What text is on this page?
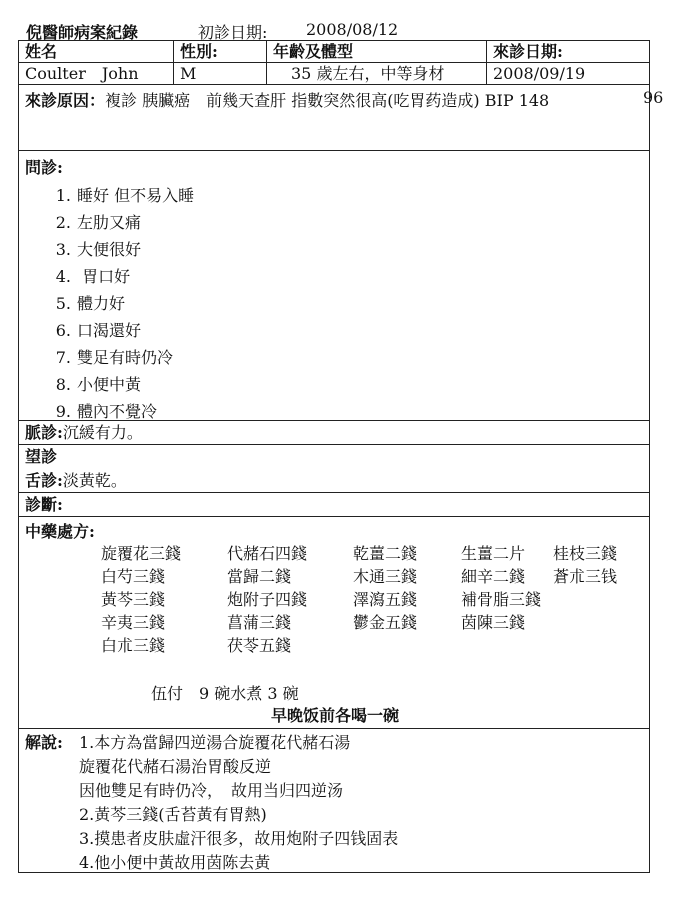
倪醫師病案紀錄	初診日期: 2008/08/12
姓名	性別:	年齡及體型	來診日期:
Coulter　John	M	35 歲左右，中等身材	2008/09/19
來診原因：複診 胰臟癌　前幾天查肝 指數突然很高(吃胃药造成) BIP 148	96
問診:
1. 睡好 但不易入睡
2. 左肋又痛
3. 大便很好
4. 胃口好
5. 體力好
6. 口渴還好
7. 雙足有時仍冷
8. 小便中黃
9. 體內不覺冷
脈診:沉緩有力。
望診
舌診:淡黃乾。
診斷:
中藥處方:
旋覆花三錢	代赭石四錢	乾薑二錢	生薑二片 桂枝三錢
白芍三錢	當歸二錢	木通三錢	細辛二錢 蒼朮三钱
黃芩三錢	炮附子四錢	澤瀉五錢	補骨脂三錢
辛夷三錢	菖蒲三錢	鬱金五錢	茵陳三錢
白朮三錢	茯苓五錢
伍付　9 碗水煮 3 碗
早晚饭前各喝一碗
解說:	1.本方為當歸四逆湯合旋覆花代赭石湯
旋覆花代赭石湯治胃酸反逆
因他雙足有時仍冷，　故用当归四逆汤
2.黃芩三錢(舌苔黃有胃熱)
3.摸患者皮肤虛汗很多，故用炮附子四钱固表
4.他小便中黃故用茵陈去黃
